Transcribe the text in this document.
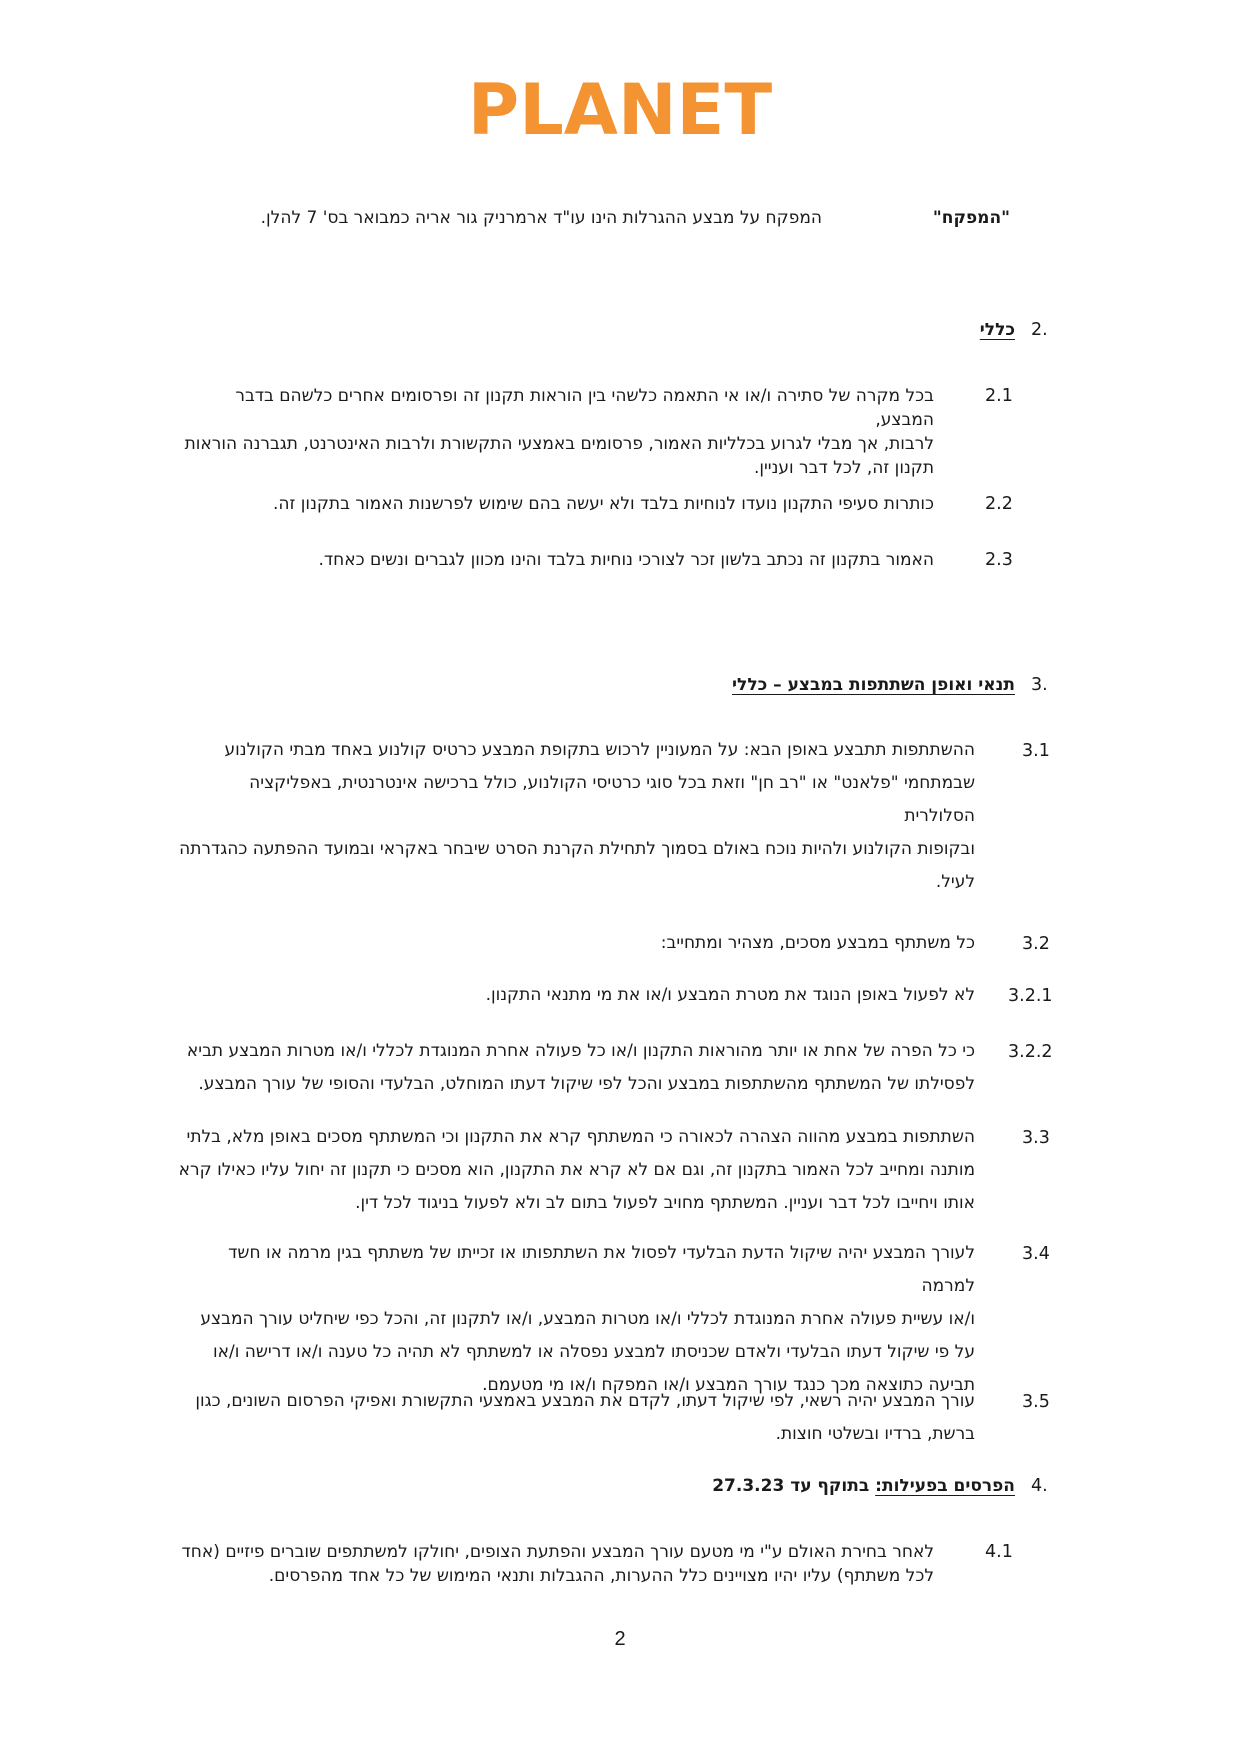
PLANET
"המפקח"
המפקח על מבצע ההגרלות הינו עו"ד ארמרניק גור אריה כמבואר בס' 7 להלן.
2.
כללי
2.1
בכל מקרה של סתירה ו/או אי התאמה כלשהי בין הוראות תקנון זה ופרסומים אחרים כלשהם בדבר המבצע,
לרבות, אך מבלי לגרוע בכלליות האמור, פרסומים באמצעי התקשורת ולרבות האינטרנט, תגברנה הוראות
תקנון זה, לכל דבר ועניין.
2.2
כותרות סעיפי התקנון נועדו לנוחיות בלבד ולא יעשה בהם שימוש לפרשנות האמור בתקנון זה.
2.3
האמור בתקנון זה נכתב בלשון זכר לצורכי נוחיות בלבד והינו מכוון לגברים ונשים כאחד.
3.
תנאי ואופן השתתפות במבצע – כללי
3.1
ההשתתפות תתבצע באופן הבא: על המעוניין לרכוש בתקופת המבצע כרטיס קולנוע באחד מבתי הקולנוע
שבמתחמי "פלאנט" או "רב חן" וזאת בכל סוגי כרטיסי הקולנוע, כולל ברכישה אינטרנטית, באפליקציה הסלולרית
ובקופות הקולנוע ולהיות נוכח באולם בסמוך לתחילת הקרנת הסרט שיבחר באקראי ובמועד ההפתעה כהגדרתה
לעיל.
3.2
כל משתתף במבצע מסכים, מצהיר ומתחייב:
3.2.1
לא לפעול באופן הנוגד את מטרת המבצע ו/או את מי מתנאי התקנון.
3.2.2
כי כל הפרה של אחת או יותר מהוראות התקנון ו/או כל פעולה אחרת המנוגדת לכללי ו/או מטרות המבצע תביא
לפסילתו של המשתתף מהשתתפות במבצע והכל לפי שיקול דעתו המוחלט, הבלעדי והסופי של עורך המבצע.
3.3
השתתפות במבצע מהווה הצהרה לכאורה כי המשתתף קרא את התקנון וכי המשתתף מסכים באופן מלא, בלתי
מותנה ומחייב לכל האמור בתקנון זה, וגם אם לא קרא את התקנון, הוא מסכים כי תקנון זה יחול עליו כאילו קרא
אותו ויחייבו לכל דבר ועניין. המשתתף מחויב לפעול בתום לב ולא לפעול בניגוד לכל דין.
3.4
לעורך המבצע יהיה שיקול הדעת הבלעדי לפסול את השתתפותו או זכייתו של משתתף בגין מרמה או חשד למרמה
ו/או עשיית פעולה אחרת המנוגדת לכללי ו/או מטרות המבצע, ו/או לתקנון זה, והכל כפי שיחליט עורך המבצע
על פי שיקול דעתו הבלעדי ולאדם שכניסתו למבצע נפסלה או למשתתף לא תהיה כל טענה ו/או דרישה ו/או
תביעה כתוצאה מכך כנגד עורך המבצע ו/או המפקח ו/או מי מטעמם.
3.5
עורך המבצע יהיה רשאי, לפי שיקול דעתו, לקדם את המבצע באמצעי התקשורת ואפיקי הפרסום השונים, כגון
ברשת, ברדיו ובשלטי חוצות.
4.
הפרסים בפעילות: בתוקף עד 27.3.23
4.1
לאחר בחירת האולם ע"י מי מטעם עורך המבצע והפתעת הצופים, יחולקו למשתתפים שוברים פיזיים (אחד
לכל משתתף) עליו יהיו מצויינים כלל ההערות, ההגבלות ותנאי המימוש של כל אחד מהפרסים.
2
